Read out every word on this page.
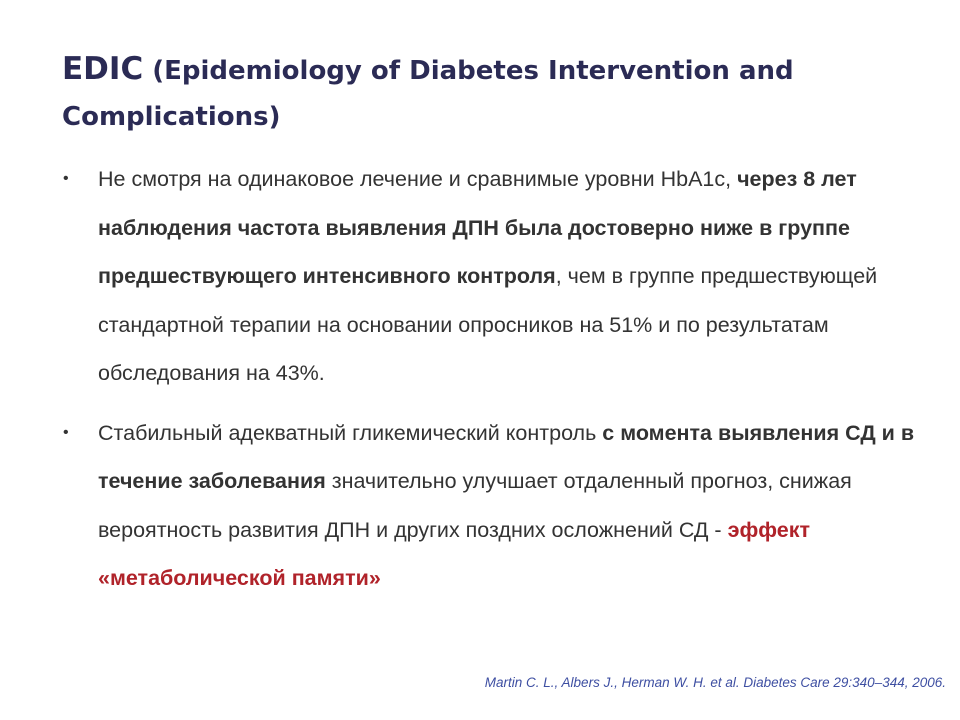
EDIC (Epidemiology of Diabetes Intervention and Complications)
• Не смотря на одинаковое лечение и сравнимые уровни HbA1c, через 8 лет наблюдения частота выявления ДПН была достоверно ниже в группе предшествующего интенсивного контроля, чем в группе предшествующей стандартной терапии на основании опросников на 51% и по результатам обследования на 43%.
• Стабильный адекватный гликемический контроль с момента выявления СД и в течение заболевания значительно улучшает отдаленный прогноз, снижая вероятность развития ДПН и других поздних осложнений СД - эффект «метаболической памяти»

Martin C. L., Albers J., Herman W. H. et al. Diabetes Care 29:340–344, 2006.
